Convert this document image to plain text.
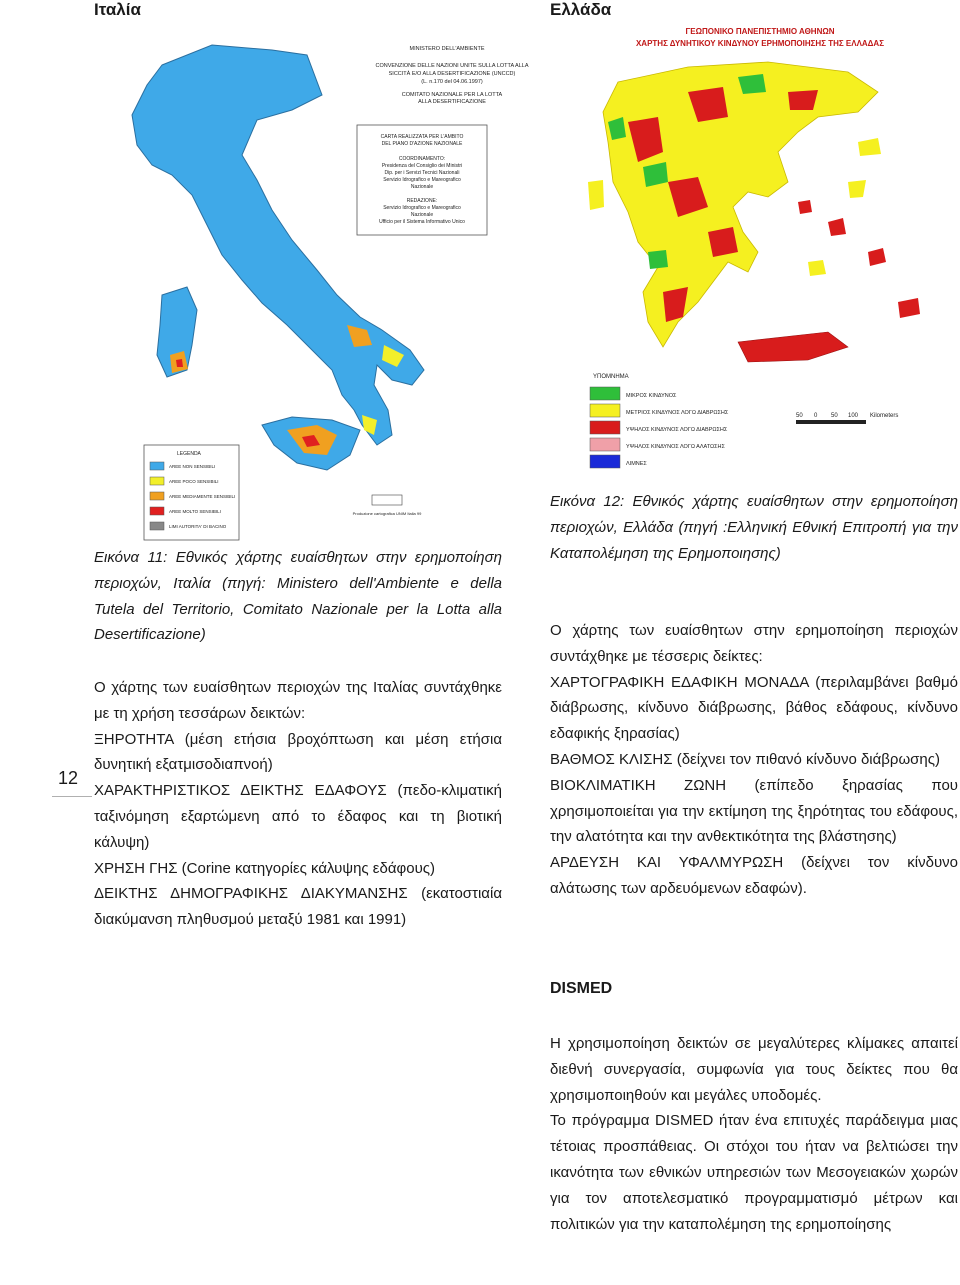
Ιταλία
MINISTERO DELL'AMBIENTE
CONVENZIONE DELLE NAZIONI UNITE SULLA LOTTA ALLA
SICCITÀ E/O ALLA DESERTIFICAZIONE (UNCCD)
(L. n.170 del 04.06.1997)
COMITATO NAZIONALE PER LA LOTTA
ALLA DESERTIFICAZIONE
CARTA REALIZZATA PER L'AMBITO
DEL PIANO D'AZIONE NAZIONALE
COORDINAMENTO:
Presidenza del Consiglio dei Ministri
Dip. per i Servizi Tecnici Nazionali
Servizio Idrografico e Mareografico
Nazionale
REDAZIONE:
Servizio Idrografico e Mareografico
Nazionale
Ufficio per il Sistema Informativo Unico
LEGENDA
AREE NON SENSIBILI
AREE POCO SENSIBILI
AREE MEDIAMENTE SENSIBILI
AREE MOLTO SENSIBILI
LIMI AUTORITA' DI BACINO
Produzione cartografica UNIM Italia 99
Εικόνα 11: Εθνικός χάρτης ευαίσθητων στην ερημοποίηση περιοχών, Ιταλία (πηγή: Ministero dell'Ambiente e della Tutela del Territorio, Comitato Nazionale per la Lotta alla Desertificazione)

Ο χάρτης των ευαίσθητων περιοχών της Ιταλίας συντάχθηκε με τη χρήση τεσσάρων δεικτών:

ΞΗΡΟΤΗΤΑ (μέση ετήσια βροχόπτωση και μέση ετήσια δυνητική εξατμισοδιαπνοή)

ΧΑΡΑΚΤΗΡΙΣΤΙΚΟΣ ΔΕΙΚΤΗΣ ΕΔΑΦΟΥΣ (πεδο-κλιματική ταξινόμηση εξαρτώμενη από το έδαφος και τη βιοτική κάλυψη)

ΧΡΗΣΗ ΓΗΣ (Corine κατηγορίες κάλυψης εδάφους)

ΔΕΙΚΤΗΣ ΔΗΜΟΓΡΑΦΙΚΗΣ ΔΙΑΚΥΜΑΝΣΗΣ (εκατοστιαία διακύμανση πληθυσμού μεταξύ 1981 και 1991)

12
Ελλάδα
ΓΕΩΠΟΝΙΚΟ ΠΑΝΕΠΙΣΤΗΜΙΟ ΑΘΗΝΩΝ
ΧΑΡΤΗΣ ΔΥΝΗΤΙΚΟΥ ΚΙΝΔΥΝΟΥ ΕΡΗΜΟΠΟΙΗΣΗΣ ΤΗΣ ΕΛΛΑΔΑΣ
ΥΠΟΜΝΗΜΑ
ΜΙΚΡΟΣ ΚΙΝΔΥΝΟΣ
ΜΕΤΡΙΟΣ ΚΙΝΔΥΝΟΣ ΛΟΓΩ ΔΙΑΒΡΩΣΗΣ
ΥΨΗΛΟΣ ΚΙΝΔΥΝΟΣ ΛΟΓΩ ΔΙΑΒΡΩΣΗΣ
ΥΨΗΛΟΣ ΚΙΝΔΥΝΟΣ ΛΟΓΩ ΑΛΑΤΩΣΗΣ
ΛΙΜΝΕΣ
50 0 50 100 Kilometers
Εικόνα 12: Εθνικός χάρτης ευαίσθητων στην ερημοποίηση περιοχών, Ελλάδα (πηγή :Ελληνική Εθνική Επιτροπή για την Καταπολέμηση της Ερημοποιησης)

Ο χάρτης των ευαίσθητων στην ερημοποίηση περιοχών συντάχθηκε με τέσσερις δείκτες:

ΧΑΡΤΟΓΡΑΦΙΚΗ ΕΔΑΦΙΚΗ ΜΟΝΑΔΑ (περιλαμβάνει βαθμό διάβρωσης, κίνδυνο διάβρωσης, βάθος εδάφους, κίνδυνο εδαφικής ξηρασίας)

ΒΑΘΜΟΣ ΚΛΙΣΗΣ (δείχνει τον πιθανό κίνδυνο διάβρωσης)

ΒΙΟΚΛΙΜΑΤΙΚΗ ΖΩΝΗ (επίπεδο ξηρασίας που χρησιμοποιείται για την εκτίμηση της ξηρότητας του εδάφους, την αλατότητα και την ανθεκτικότητα της βλάστησης)

ΑΡΔΕΥΣΗ ΚΑΙ ΥΦΑΛΜΥΡΩΣΗ (δείχνει τον κίνδυνο αλάτωσης των αρδευόμενων εδαφών).

DISMED

Η χρησιμοποίηση δεικτών σε μεγαλύτερες κλίμακες απαιτεί διεθνή συνεργασία, συμφωνία για τους δείκτες που θα χρησιμοποιηθούν και μεγάλες υποδομές.

Το πρόγραμμα DISMED ήταν ένα επιτυχές παράδειγμα μιας τέτοιας προσπάθειας. Οι στόχοι του ήταν να βελτιώσει την ικανότητα των εθνικών υπηρεσιών των Μεσογειακών χωρών για τον αποτελεσματικό προγραμματισμό μέτρων και πολιτικών για την καταπολέμηση της ερημοποίησης
